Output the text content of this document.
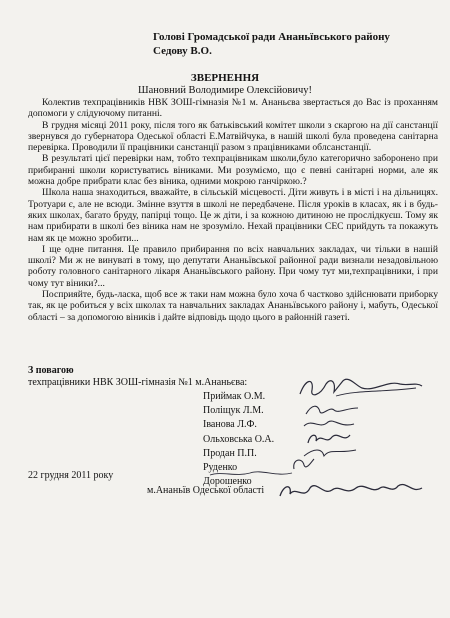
Голові Громадської ради Ананьївського району
Седову В.О.
ЗВЕРНЕННЯ
Шановний Володимире Олексійовичу!

Колектив техпрацівників НВК ЗОШ-гімназія №1 м. Ананьєва звертається до Вас із проханням допомоги у слідуючому питанні.

В грудня місяці 2011 року, після того як батьківський комітет школи з скаргою на дії санстанції звернувся до губернатора Одеської області Е.Матвійчука, в нашій школі була проведена санітарна перевірка. Проводили її працівники санстанції разом з працівниками облсанстанції.

В результаті цієї перевірки нам, тобто техпрацівникам школи,було категорично заборонено при прибиранні школи користуватись віниками. Ми розуміємо, що є певні санітарні норми, але як можна добре прибрати клас без віника, одними мокрою ганчіркою.?

Школа наша знаходиться, вважайте, в сільській місцевості. Діти живуть і в місті і на дільницях. Тротуари є, але не всюди. Змінне взуття в школі не передбачене. Після уроків в класах, як і в будь-яких школах, багато бруду, папірці тощо. Це ж діти, і за кожною дитиною не прослідкуєш. Тому як нам прибирати в школі без віника нам не зрозуміло. Нехай працівники СЕС прийдуть та покажуть нам як це можно зробити...

І ще одне питання. Це правило прибирання по всіх навчальних закладах, чи тільки в нашій школі? Ми ж не винуваті в тому, що депутати Ананьївської районної ради визнали незадовільною роботу головного санітарного лікаря Ананьївського району. При чому тут ми,техпрацівники, і при чому тут віники?...

Посприяйте, будь-ласка, щоб все ж таки нам можна було хоча б частково здійснювати приборку так, як це робиться у всіх школах та навчальних закладах Ананьївського району і, мабуть, Одеської області – за допомогою віників і дайте відповідь щодо цього в районній газеті.

З повагою
техпрацівники НВК ЗОШ-гімназія №1 м.Ананьєва:
Приймак О.М.
Поліщук Л.М.
Іванова Л.Ф.
Ольховська О.А.
Продан П.П.
Руденко
Дорошенко
22 грудня 2011 року
м.Ананьїв Одеської області
